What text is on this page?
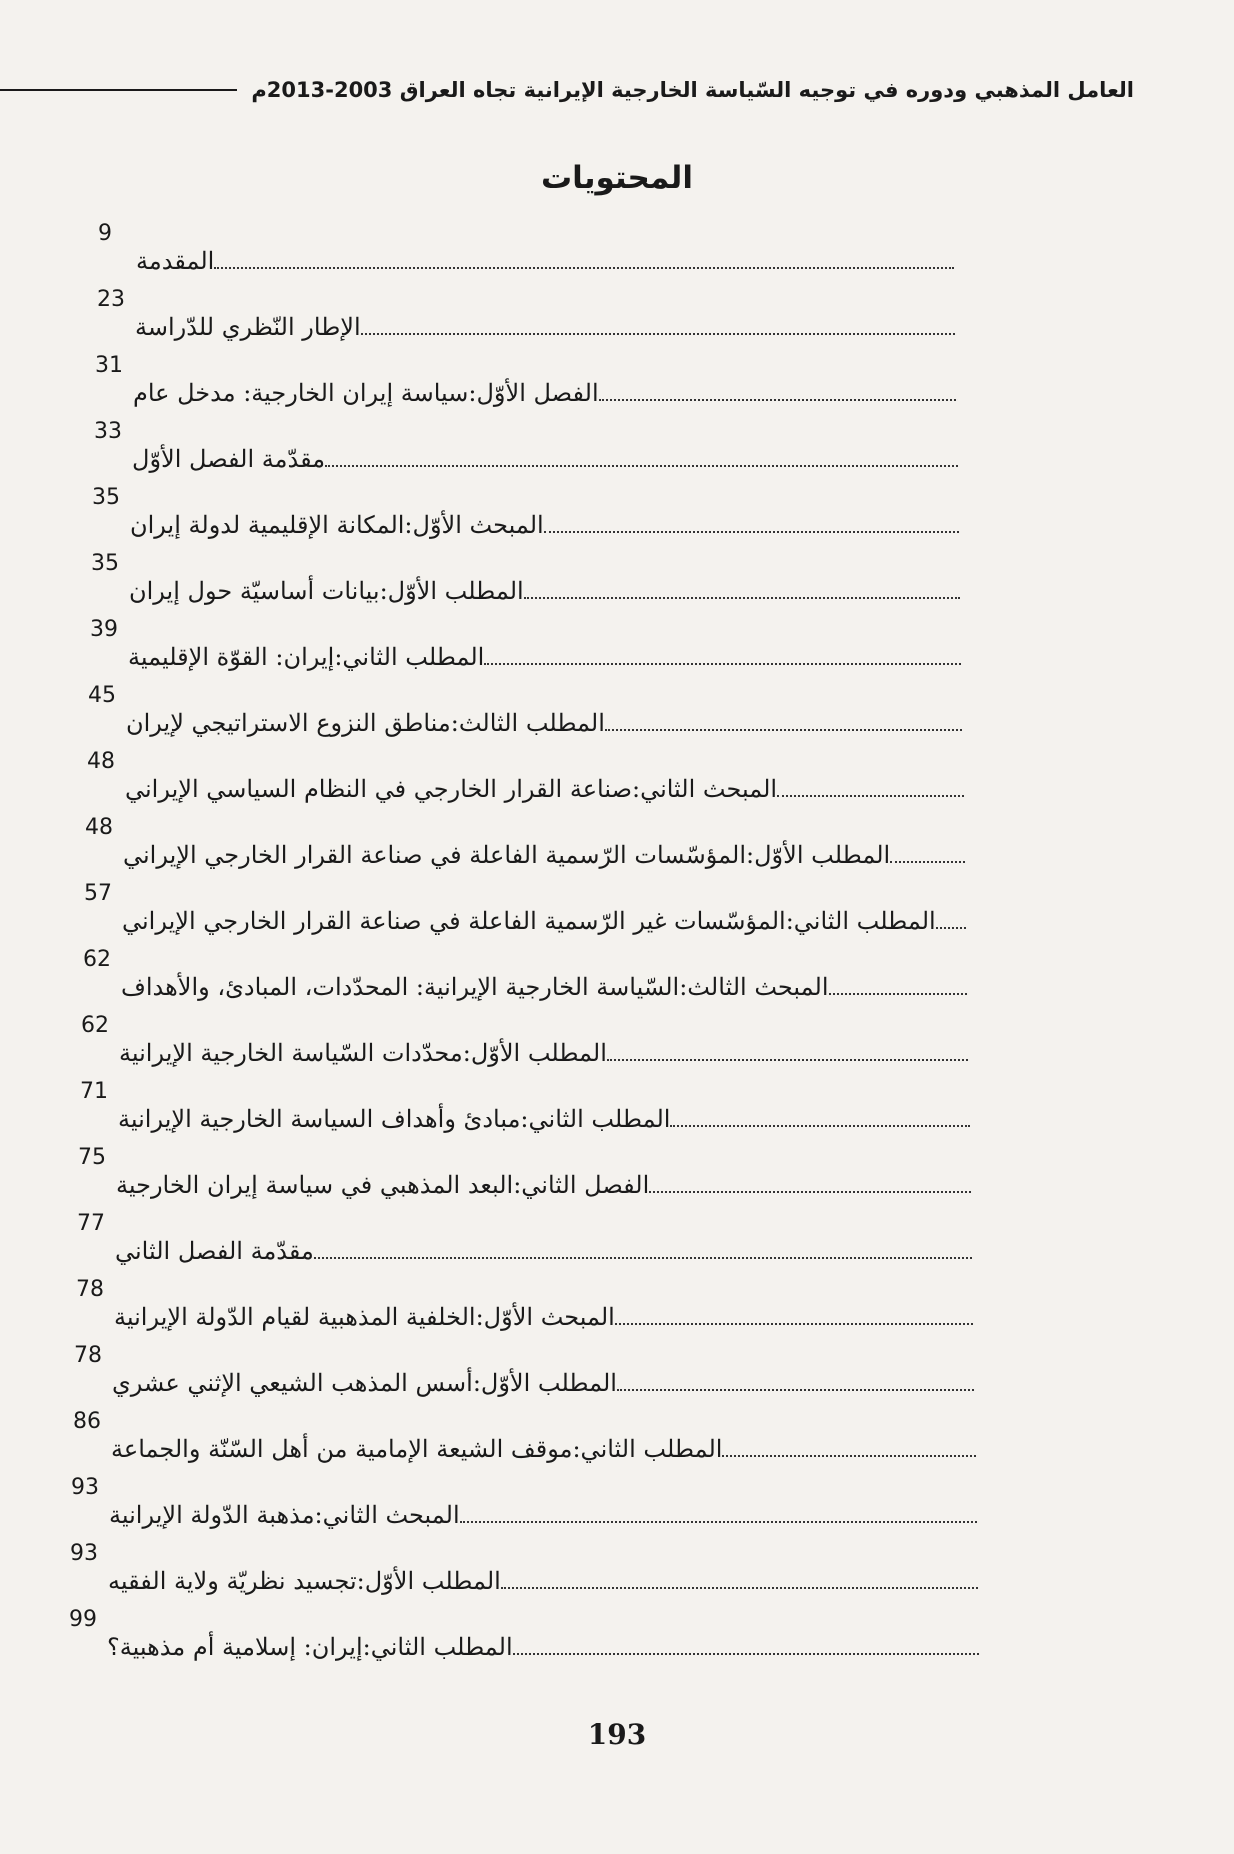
العامل المذهبي ودوره في توجيه السّياسة الخارجية الإيرانية تجاه العراق 2003-2013م
المحتويات
9
المقدمة
23
الإطار النّظري للدّراسة
31
الفصل الأوّل:سياسة إيران الخارجية: مدخل عام
33
مقدّمة الفصل الأوّل
35
المبحث الأوّل:المكانة الإقليمية لدولة إيران
35
المطلب الأوّل:بيانات أساسيّة حول إيران
39
المطلب الثاني:إيران: القوّة الإقليمية
45
المطلب الثالث:مناطق النزوع الاستراتيجي لإيران
48
المبحث الثاني:صناعة القرار الخارجي في النظام السياسي الإيراني
48
المطلب الأوّل:المؤسّسات الرّسمية الفاعلة في صناعة القرار الخارجي الإيراني
57
المطلب الثاني:المؤسّسات غير الرّسمية الفاعلة في صناعة القرار الخارجي الإيراني
62
المبحث الثالث:السّياسة الخارجية الإيرانية: المحدّدات، المبادئ، والأهداف
62
المطلب الأوّل:محدّدات السّياسة الخارجية الإيرانية
71
المطلب الثاني:مبادئ وأهداف السياسة الخارجية الإيرانية
75
الفصل الثاني:البعد المذهبي في سياسة إيران الخارجية
77
مقدّمة الفصل الثاني
78
المبحث الأوّل:الخلفية المذهبية لقيام الدّولة الإيرانية
78
المطلب الأوّل:أسس المذهب الشيعي الإثني عشري
86
المطلب الثاني:موقف الشيعة الإمامية من أهل السّنّة والجماعة
93
المبحث الثاني:مذهبة الدّولة الإيرانية
93
المطلب الأوّل:تجسيد نظريّة ولاية الفقيه
99
المطلب الثاني:إيران: إسلامية أم مذهبية؟
193
